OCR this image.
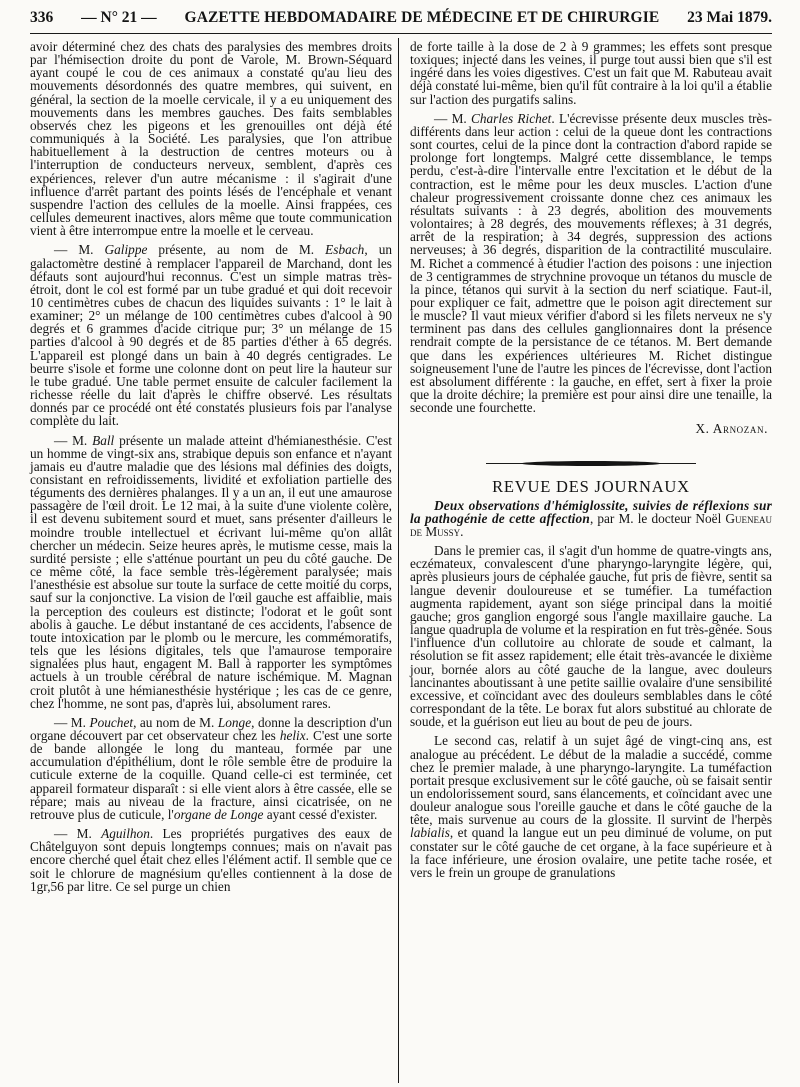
336 — N° 21 — GAZETTE HEBDOMADAIRE DE MÉDECINE ET DE CHIRURGIE 23 Mai 1879.

avoir déterminé chez des chats des paralysies des membres droits par l'hémisection droite du pont de Varole, M. Brown-Séquard ayant coupé le cou de ces animaux a constaté qu'au lieu des mouvements désordonnés des quatre membres, qui suivent, en général, la section de la moelle cervicale, il y a eu uniquement des mouvements dans les membres gauches. Des faits semblables observés chez les pigeons et les grenouilles ont déjà été communiqués à la Société. Les paralysies, que l'on attribue habituellement à la destruction de centres moteurs ou à l'interruption de conducteurs nerveux, semblent, d'après ces expériences, relever d'un autre mécanisme : il s'agirait d'une influence d'arrêt partant des points lésés de l'encéphale et venant suspendre l'action des cellules de la moelle. Ainsi frappées, ces cellules demeurent inactives, alors même que toute communication vient à être interrompue entre la moelle et le cerveau.

— M. Galippe présente, au nom de M. Esbach, un galactomètre destiné à remplacer l'appareil de Marchand, dont les défauts sont aujourd'hui reconnus. C'est un simple matras très-étroit, dont le col est formé par un tube gradué et qui doit recevoir 10 centimètres cubes de chacun des liquides suivants : 1° le lait à examiner; 2° un mélange de 100 centimètres cubes d'alcool à 90 degrés et 6 grammes d'acide citrique pur; 3° un mélange de 15 parties d'alcool à 90 degrés et de 85 parties d'éther à 65 degrés. L'appareil est plongé dans un bain à 40 degrés centigrades. Le beurre s'isole et forme une colonne dont on peut lire la hauteur sur le tube gradué. Une table permet ensuite de calculer facilement la richesse réelle du lait d'après le chiffre observé. Les résultats donnés par ce procédé ont été constatés plusieurs fois par l'analyse complète du lait.

— M. Ball présente un malade atteint d'hémianesthésie. C'est un homme de vingt-six ans, strabique depuis son enfance et n'ayant jamais eu d'autre maladie que des lésions mal définies des doigts, consistant en refroidissements, lividité et exfoliation partielle des téguments des dernières phalanges. Il y a un an, il eut une amaurose passagère de l'œil droit. Le 12 mai, à la suite d'une violente colère, il est devenu subitement sourd et muet, sans présenter d'ailleurs le moindre trouble intellectuel et écrivant lui-même qu'on allât chercher un médecin. Seize heures après, le mutisme cesse, mais la surdité persiste ; elle s'atténue pourtant un peu du côté gauche. De ce même côté, la face semble très-légèrement paralysée; mais l'anesthésie est absolue sur toute la surface de cette moitié du corps, sauf sur la conjonctive. La vision de l'œil gauche est affaiblie, mais la perception des couleurs est distincte; l'odorat et le goût sont abolis à gauche. Le début instantané de ces accidents, l'absence de toute intoxication par le plomb ou le mercure, les commémoratifs, tels que les lésions digitales, tels que l'amaurose temporaire signalées plus haut, engagent M. Ball à rapporter les symptômes actuels à un trouble cérébral de nature ischémique. M. Magnan croit plutôt à une hémianesthésie hystérique ; les cas de ce genre, chez l'homme, ne sont pas, d'après lui, absolument rares.

— M. Pouchet, au nom de M. Longe, donne la description d'un organe découvert par cet observateur chez les helix. C'est une sorte de bande allongée le long du manteau, formée par une accumulation d'épithélium, dont le rôle semble être de produire la cuticule externe de la coquille. Quand celle-ci est terminée, cet appareil formateur disparaît : si elle vient alors à être cassée, elle se répare; mais au niveau de la fracture, ainsi cicatrisée, on ne retrouve plus de cuticule, l'organe de Longe ayant cessé d'exister.

— M. Aguilhon. Les propriétés purgatives des eaux de Châtelguyon sont depuis longtemps connues; mais on n'avait pas encore cherché quel était chez elles l'élément actif. Il semble que ce soit le chlorure de magnésium qu'elles contiennent à la dose de 1gr,56 par litre. Ce sel purge un chien

de forte taille à la dose de 2 à 9 grammes; les effets sont presque toxiques; injecté dans les veines, il purge tout aussi bien que s'il est ingéré dans les voies digestives. C'est un fait que M. Rabuteau avait déjà constaté lui-même, bien qu'il fût contraire à la loi qu'il a établie sur l'action des purgatifs salins.

— M. Charles Richet. L'écrevisse présente deux muscles très-différents dans leur action : celui de la queue dont les contractions sont courtes, celui de la pince dont la contraction d'abord rapide se prolonge fort longtemps. Malgré cette dissemblance, le temps perdu, c'est-à-dire l'intervalle entre l'excitation et le début de la contraction, est le même pour les deux muscles. L'action d'une chaleur progressivement croissante donne chez ces animaux les résultats suivants : à 23 degrés, abolition des mouvements volontaires; à 28 degrés, des mouvements réflexes; à 31 degrés, arrêt de la respiration; à 34 degrés, suppression des actions nerveuses; à 36 degrés, disparition de la contractilité musculaire. M. Richet a commencé à étudier l'action des poisons : une injection de 3 centigrammes de strychnine provoque un tétanos du muscle de la pince, tétanos qui survit à la section du nerf sciatique. Faut-il, pour expliquer ce fait, admettre que le poison agit directement sur le muscle? Il vaut mieux vérifier d'abord si les filets nerveux ne s'y terminent pas dans des cellules ganglionnaires dont la présence rendrait compte de la persistance de ce tétanos. M. Bert demande que dans les expériences ultérieures M. Richet distingue soigneusement l'une de l'autre les pinces de l'écrevisse, dont l'action est absolument différente : la gauche, en effet, sert à fixer la proie que la droite déchire; la première est pour ainsi dire une tenaille, la seconde une fourchette.

X. Arnozan.

REVUE DES JOURNAUX

Deux observations d'hémiglossite, suivies de réflexions sur la pathogénie de cette affection, par M. le docteur Noël Gueneau de Mussy.

Dans le premier cas, il s'agit d'un homme de quatre-vingts ans, eczémateux, convalescent d'une pharyngo-laryngite légère, qui, après plusieurs jours de céphalée gauche, fut pris de fièvre, sentit sa langue devenir douloureuse et se tuméfier. La tuméfaction augmenta rapidement, ayant son siége principal dans la moitié gauche; gros ganglion engorgé sous l'angle maxillaire gauche. La langue quadrupla de volume et la respiration en fut très-gênée. Sous l'influence d'un collutoire au chlorate de soude et calmant, la résolution se fit assez rapidement; elle était très-avancée le dixième jour, bornée alors au côté gauche de la langue, avec douleurs lancinantes aboutissant à une petite saillie ovalaire d'une sensibilité excessive, et coïncidant avec des douleurs semblables dans le côté correspondant de la tête. Le borax fut alors substitué au chlorate de soude, et la guérison eut lieu au bout de peu de jours.

Le second cas, relatif à un sujet âgé de vingt-cinq ans, est analogue au précédent. Le début de la maladie a succédé, comme chez le premier malade, à une pharyngo-laryngite. La tuméfaction portait presque exclusivement sur le côté gauche, où se faisait sentir un endolorissement sourd, sans élancements, et coïncidant avec une douleur analogue sous l'oreille gauche et dans le côté gauche de la tête, mais survenue au cours de la glossite. Il survint de l'herpès labialis, et quand la langue eut un peu diminué de volume, on put constater sur le côté gauche de cet organe, à la face supérieure et à la face inférieure, une érosion ovalaire, une petite tache rosée, et vers le frein un groupe de granulations
